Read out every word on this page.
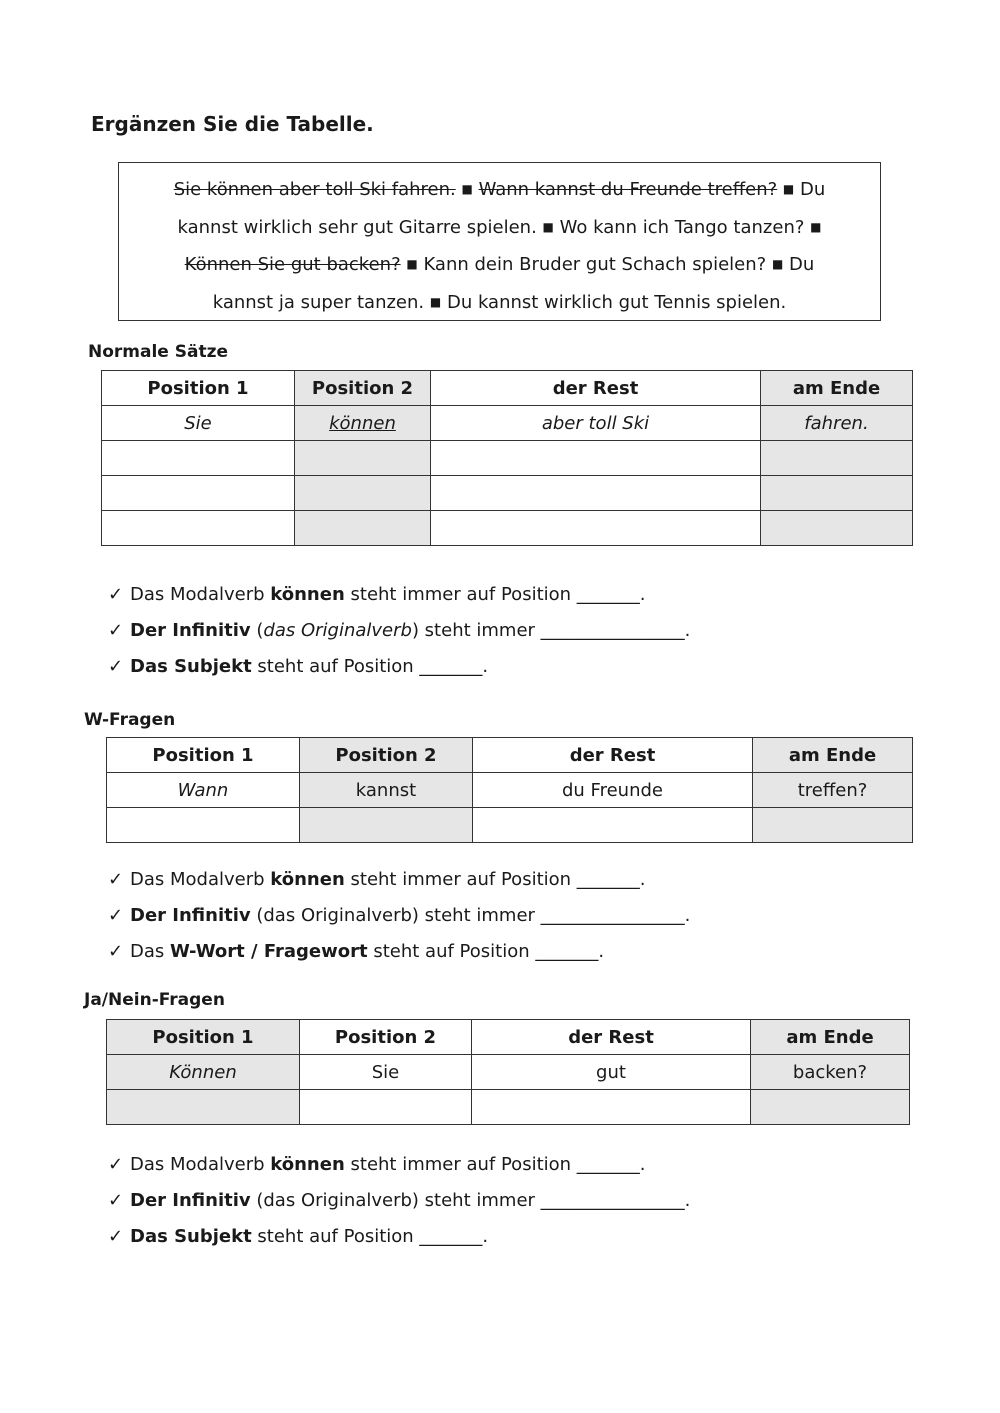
Ergänzen Sie die Tabelle.
Sie können aber toll Ski fahren. ■ Wann kannst du Freunde treffen? ■ Du
kannst wirklich sehr gut Gitarre spielen. ■ Wo kann ich Tango tanzen? ■
Können Sie gut backen? ■ Kann dein Bruder gut Schach spielen? ■ Du
kannst ja super tanzen. ■ Du kannst wirklich gut Tennis spielen.
Normale Sätze
Position 1	Position 2	der Rest	am Ende
Sie	können	aber toll Ski	fahren.

✓ Das Modalverb können steht immer auf Position _______.
✓ Der Infinitiv (das Originalverb) steht immer ________________.
✓ Das Subjekt steht auf Position _______.
W-Fragen
Position 1	Position 2	der Rest	am Ende
Wann	kannst	du Freunde	treffen?

✓ Das Modalverb können steht immer auf Position _______.
✓ Der Infinitiv (das Originalverb) steht immer ________________.
✓ Das W-Wort / Fragewort steht auf Position _______.
Ja/Nein-Fragen
Position 1	Position 2	der Rest	am Ende
Können	Sie	gut	backen?

✓ Das Modalverb können steht immer auf Position _______.
✓ Der Infinitiv (das Originalverb) steht immer ________________.
✓ Das Subjekt steht auf Position _______.
